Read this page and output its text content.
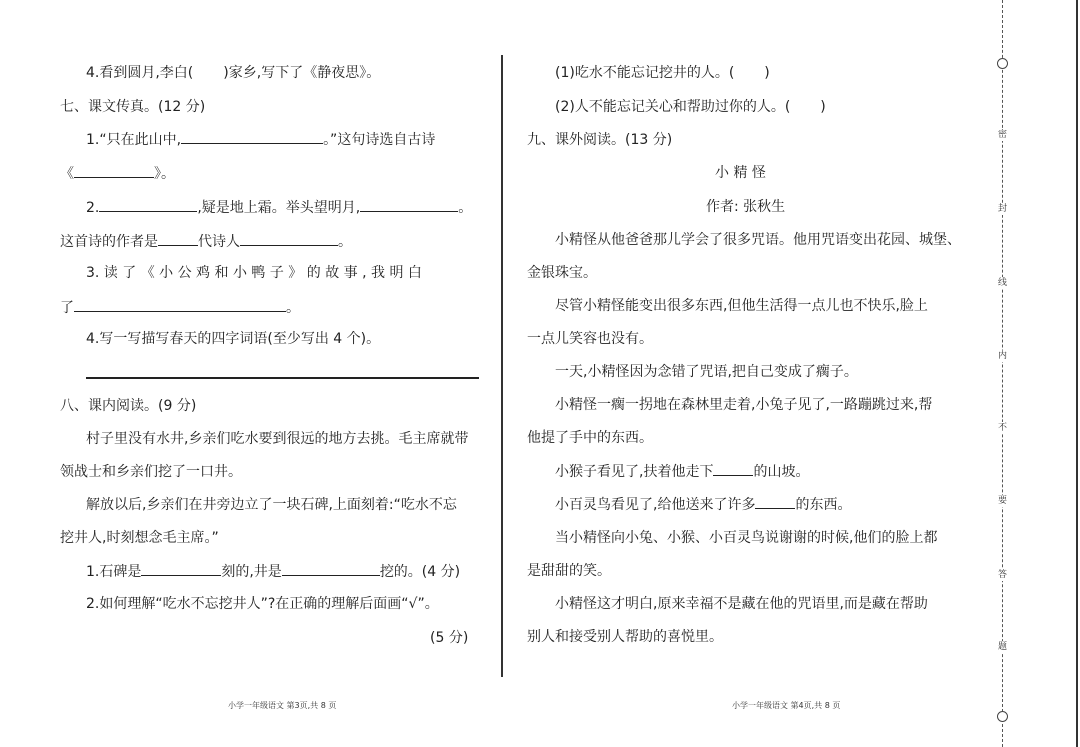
4.看到圆月,李白( )家乡,写下了《静夜思》。
七、课文传真。(12 分)
1.“只在此山中,	。”这句诗选自古诗
《	》。
2.	,疑是地上霜。举头望明月,	。
这首诗的作者是	代诗人	。
3. 读 了 《 小 公 鸡 和 小 鸭 子 》 的 故 事 , 我 明 白
了	。
4.写一写描写春天的四字词语(至少写出 4 个)。
八、课内阅读。(9 分)
村子里没有水井,乡亲们吃水要到很远的地方去挑。毛主席就带
领战士和乡亲们挖了一口井。
解放以后,乡亲们在井旁边立了一块石碑,上面刻着:“吃水不忘
挖井人,时刻想念毛主席。”
1.石碑是	刻的,井是	挖的。(4 分)
2.如何理解“吃水不忘挖井人”?在正确的理解后面画“√”。
(5 分)
小学一年级语文 第3页,共 8 页
(1)吃水不能忘记挖井的人。( )
(2)人不能忘记关心和帮助过你的人。( )
九、课外阅读。(13 分)
小 精 怪
作者: 张秋生
小精怪从他爸爸那儿学会了很多咒语。他用咒语变出花园、城堡、
金银珠宝。
尽管小精怪能变出很多东西,但他生活得一点儿也不快乐,脸上
一点儿笑容也没有。
一天,小精怪因为念错了咒语,把自己变成了瘸子。
小精怪一瘸一拐地在森林里走着,小兔子见了,一路蹦跳过来,帮
他提了手中的东西。
小猴子看见了,扶着他走下	的山坡。
小百灵鸟看见了,给他送来了许多	的东西。
当小精怪向小兔、小猴、小百灵鸟说谢谢的时候,他们的脸上都
是甜甜的笑。
小精怪这才明白,原来幸福不是藏在他的咒语里,而是藏在帮助
别人和接受别人帮助的喜悦里。
小学一年级语文 第4页,共 8 页
密
封
线
内
不
要
答
题
